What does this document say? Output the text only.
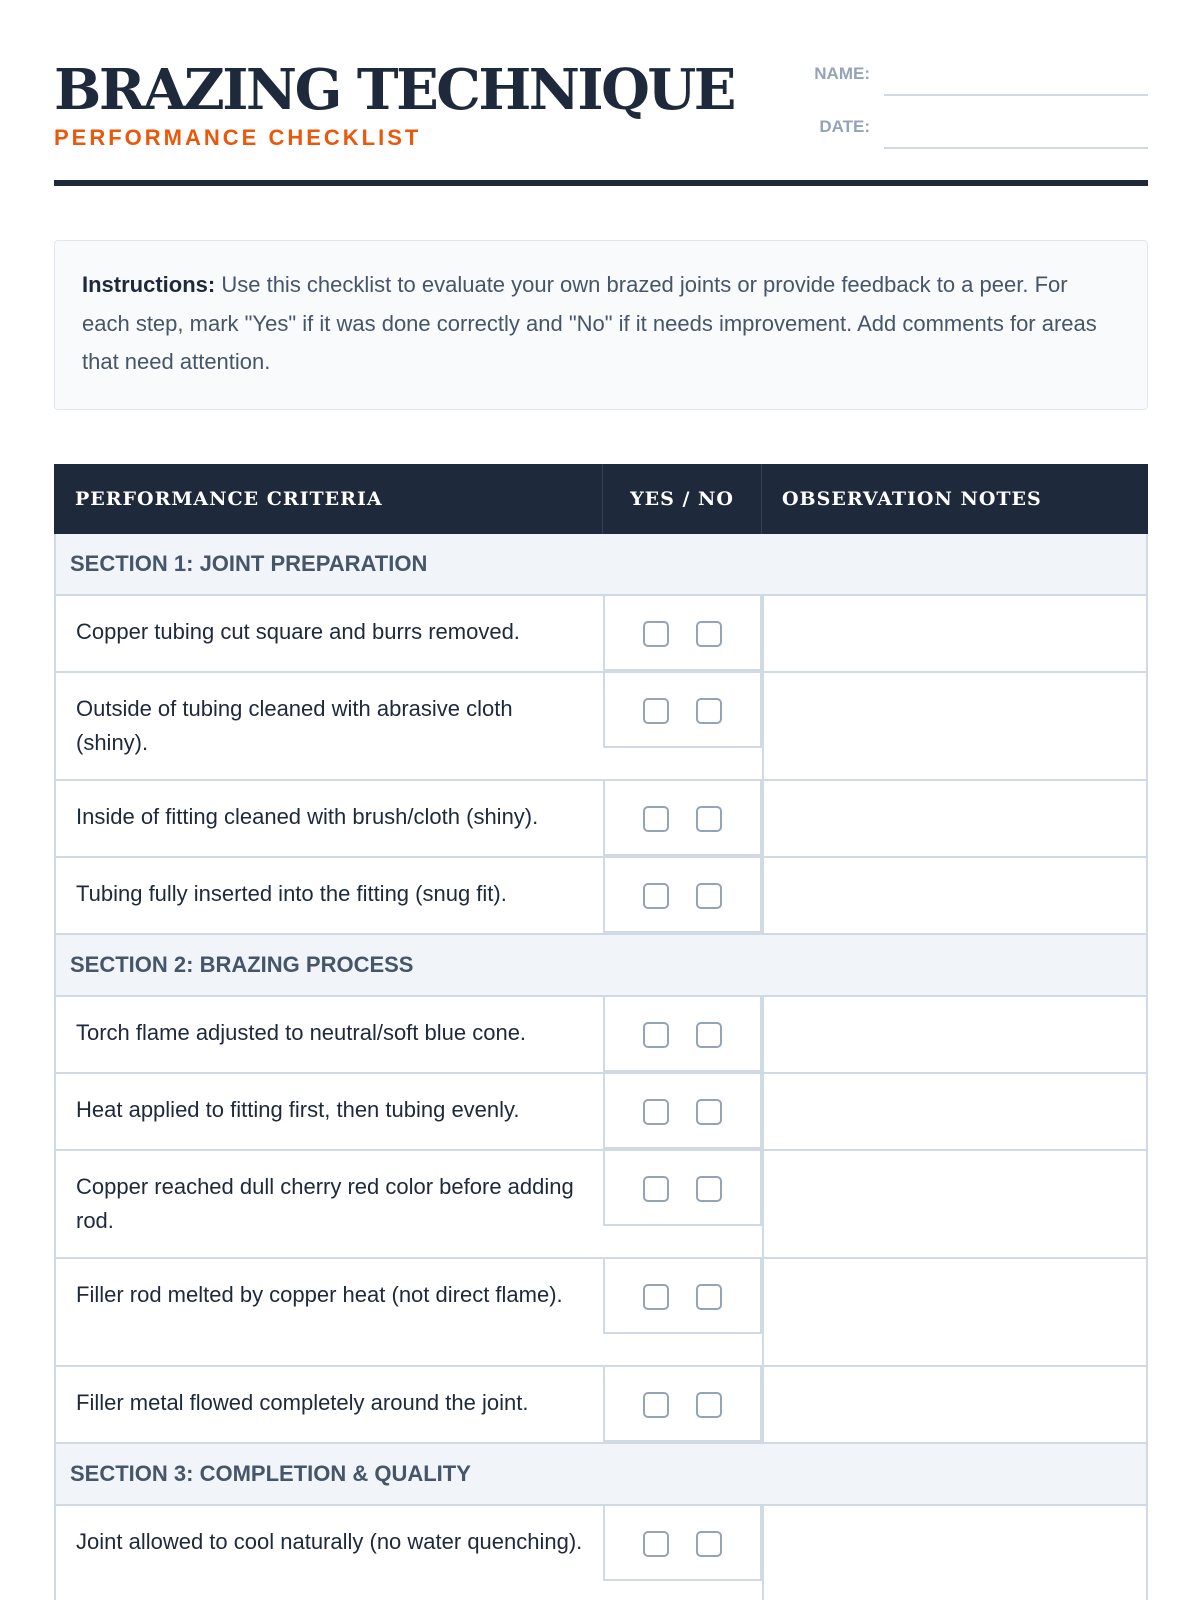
BRAZING TECHNIQUE
PERFORMANCE CHECKLIST
NAME:
DATE:
Instructions: Use this checklist to evaluate your own brazed joints or provide feedback to a peer. For each step, mark "Yes" if it was done correctly and "No" if it needs improvement. Add comments for areas that need attention.
PERFORMANCE CRITERIA	YES / NO	OBSERVATION NOTES
SECTION 1: JOINT PREPARATION
Copper tubing cut square and burrs removed.
Outside of tubing cleaned with abrasive cloth (shiny).
Inside of fitting cleaned with brush/cloth (shiny).
Tubing fully inserted into the fitting (snug fit).
SECTION 2: BRAZING PROCESS
Torch flame adjusted to neutral/soft blue cone.
Heat applied to fitting first, then tubing evenly.
Copper reached dull cherry red color before adding rod.
Filler rod melted by copper heat (not direct flame).
Filler metal flowed completely around the joint.
SECTION 3: COMPLETION & QUALITY
Joint allowed to cool naturally (no water quenching).
